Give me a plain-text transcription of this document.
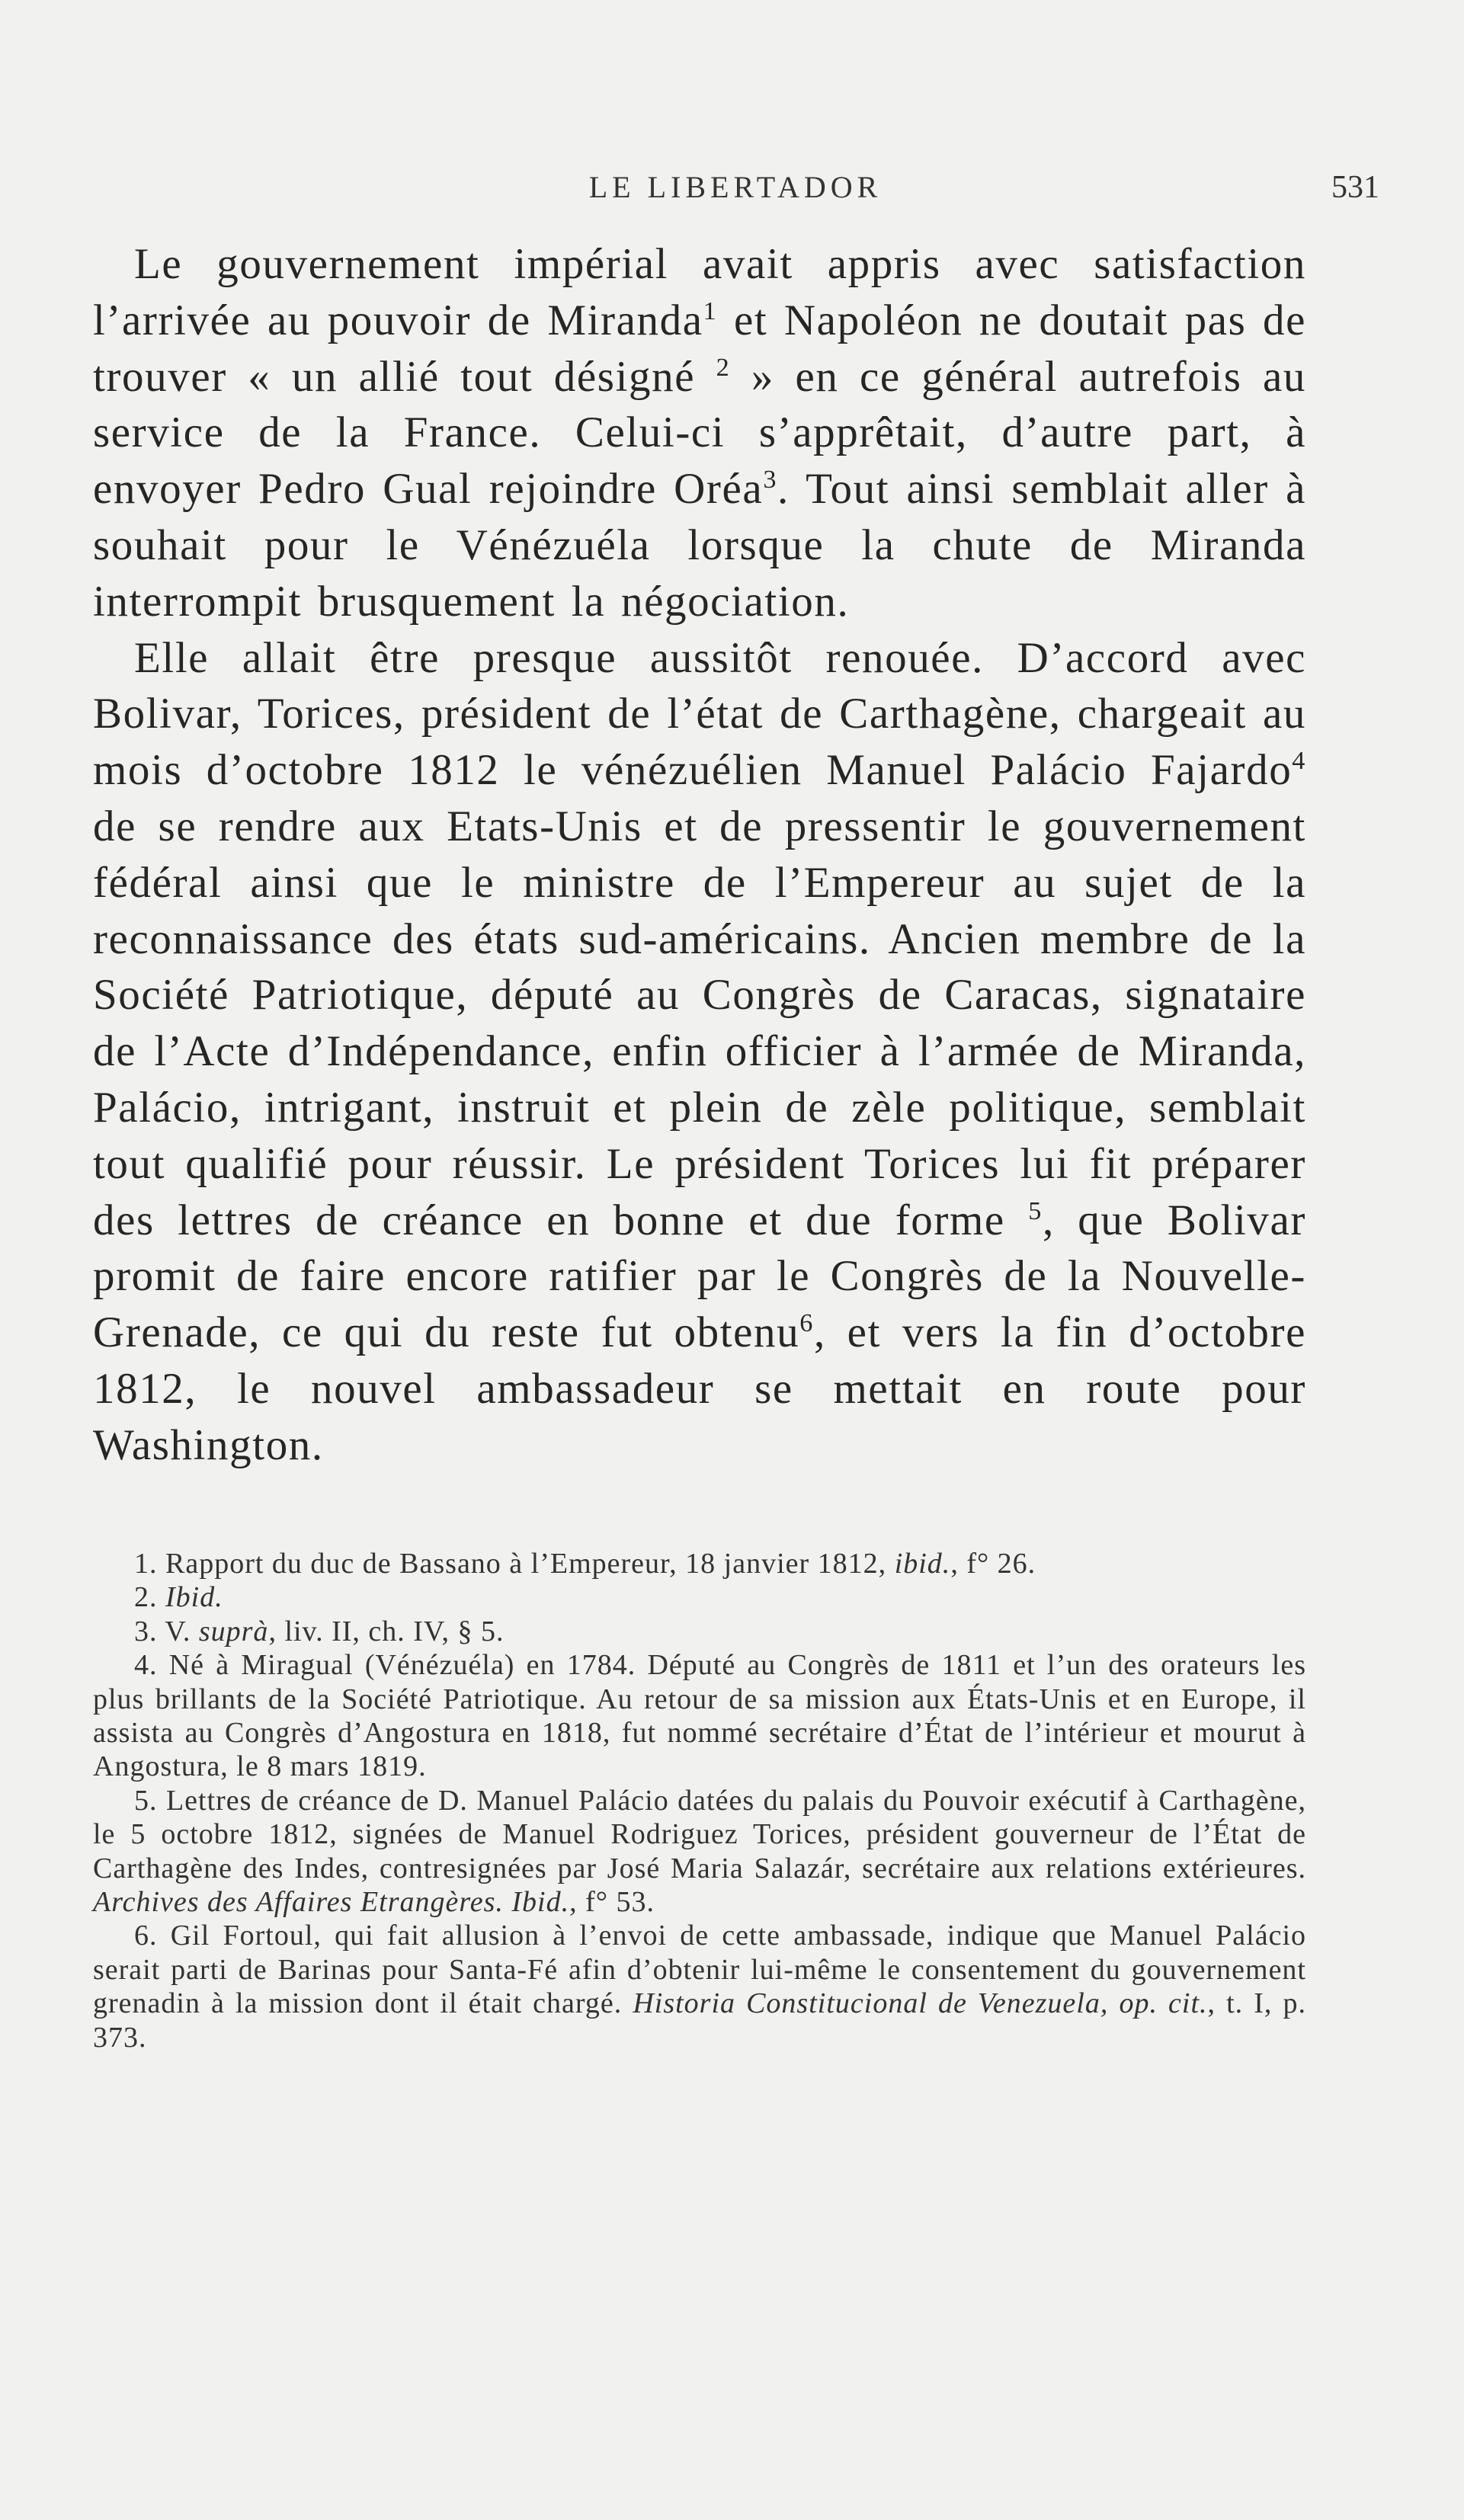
LE LIBERTADOR	531

Le gouvernement impérial avait appris avec satisfaction l’arrivée au pouvoir de Miranda$^1$ et Napoléon ne doutait pas de trouver « un allié tout désigné $^2$ » en ce général autrefois au service de la France. Celui-ci s’apprêtait, d’autre part, à envoyer Pedro Gual rejoindre Oréa$^3$. Tout ainsi semblait aller à souhait pour le Vénézuéla lorsque la chute de Miranda interrompit brusquement la négociation.

Elle allait être presque aussitôt renouée. D’accord avec Bolivar, Torices, président de l’état de Carthagène, chargeait au mois d’octobre 1812 le vénézuélien Manuel Palácio Fajardo$^4$ de se rendre aux Etats-Unis et de pressentir le gouvernement fédéral ainsi que le ministre de l’Empereur au sujet de la reconnaissance des états sud-américains. Ancien membre de la Société Patriotique, député au Congrès de Caracas, signataire de l’Acte d’Indépendance, enfin officier à l’armée de Miranda, Palácio, intrigant, instruit et plein de zèle politique, semblait tout qualifié pour réussir. Le président Torices lui fit préparer des lettres de créance en bonne et due forme $^5$, que Bolivar promit de faire encore ratifier par le Congrès de la Nouvelle-Grenade, ce qui du reste fut obtenu$^6$, et vers la fin d’octobre 1812, le nouvel ambassadeur se mettait en route pour Washington.

1. Rapport du duc de Bassano à l’Empereur, 18 janvier 1812, ibid., f° 26.

2. Ibid.

3. V. suprà, liv. II, ch. IV, § 5.

4. Né à Miragual (Vénézuéla) en 1784. Député au Congrès de 1811 et l’un des orateurs les plus brillants de la Société Patriotique. Au retour de sa mission aux États-Unis et en Europe, il assista au Congrès d’Angostura en 1818, fut nommé secrétaire d’État de l’intérieur et mourut à Angostura, le 8 mars 1819.

5. Lettres de créance de D. Manuel Palácio datées du palais du Pouvoir exécutif à Carthagène, le 5 octobre 1812, signées de Manuel Rodriguez Torices, président gouverneur de l’État de Carthagène des Indes, contresignées par José Maria Salazár, secrétaire aux relations extérieures. Archives des Affaires Etrangères. Ibid., f° 53.

6. Gil Fortoul, qui fait allusion à l’envoi de cette ambassade, indique que Manuel Palácio serait parti de Barinas pour Santa-Fé afin d’obtenir lui-même le consentement du gouvernement grenadin à la mission dont il était chargé. Historia Constitucional de Venezuela, op. cit., t. I, p. 373.
